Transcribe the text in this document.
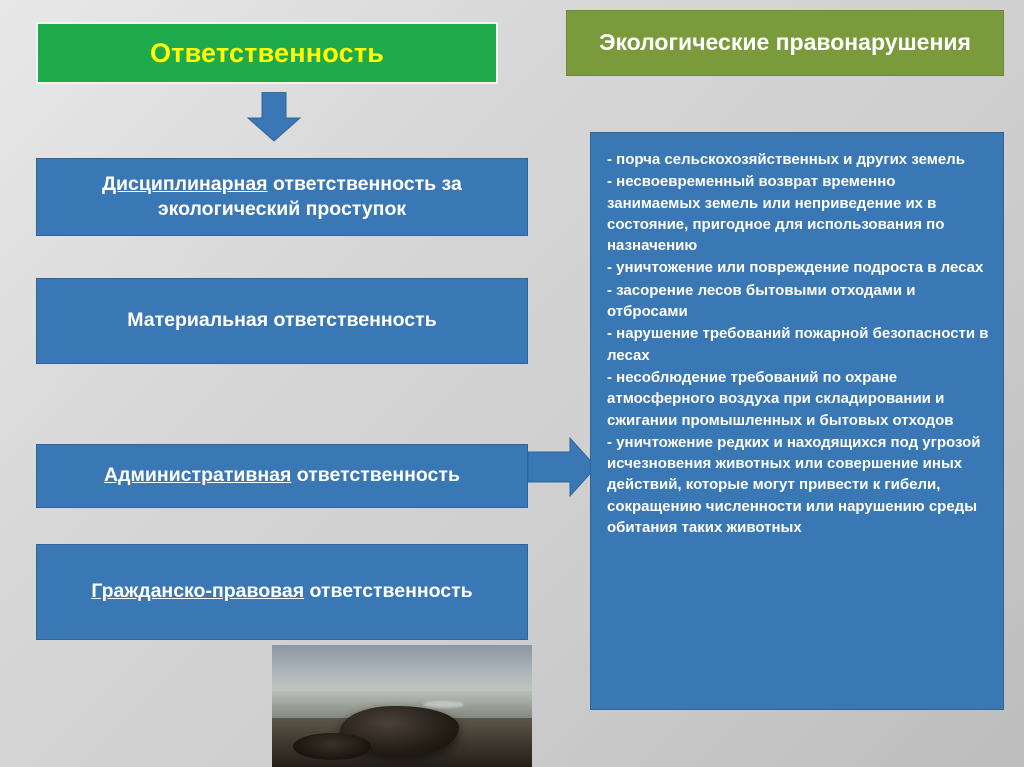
Ответственность
Дисциплинарная ответственность за экологический проступок
Материальная ответственность
Административная ответственность
Гражданско-правовая ответственность
Экологические правонарушения

- порча сельскохозяйственных и других земель

- несвоевременный возврат временно занимаемых земель или неприведение их в состояние, пригодное для использования по назначению

- уничтожение или повреждение подроста в лесах

- засорение лесов бытовыми отходами и отбросами

- нарушение требований пожарной безопасности в лесах

- несоблюдение требований по охране атмосферного воздуха при складировании и сжигании промышленных и бытовых отходов

- уничтожение редких и находящихся под угрозой исчезновения животных или совершение иных действий, которые могут привести к гибели, сокращению численности или нарушению среды обитания таких животных
